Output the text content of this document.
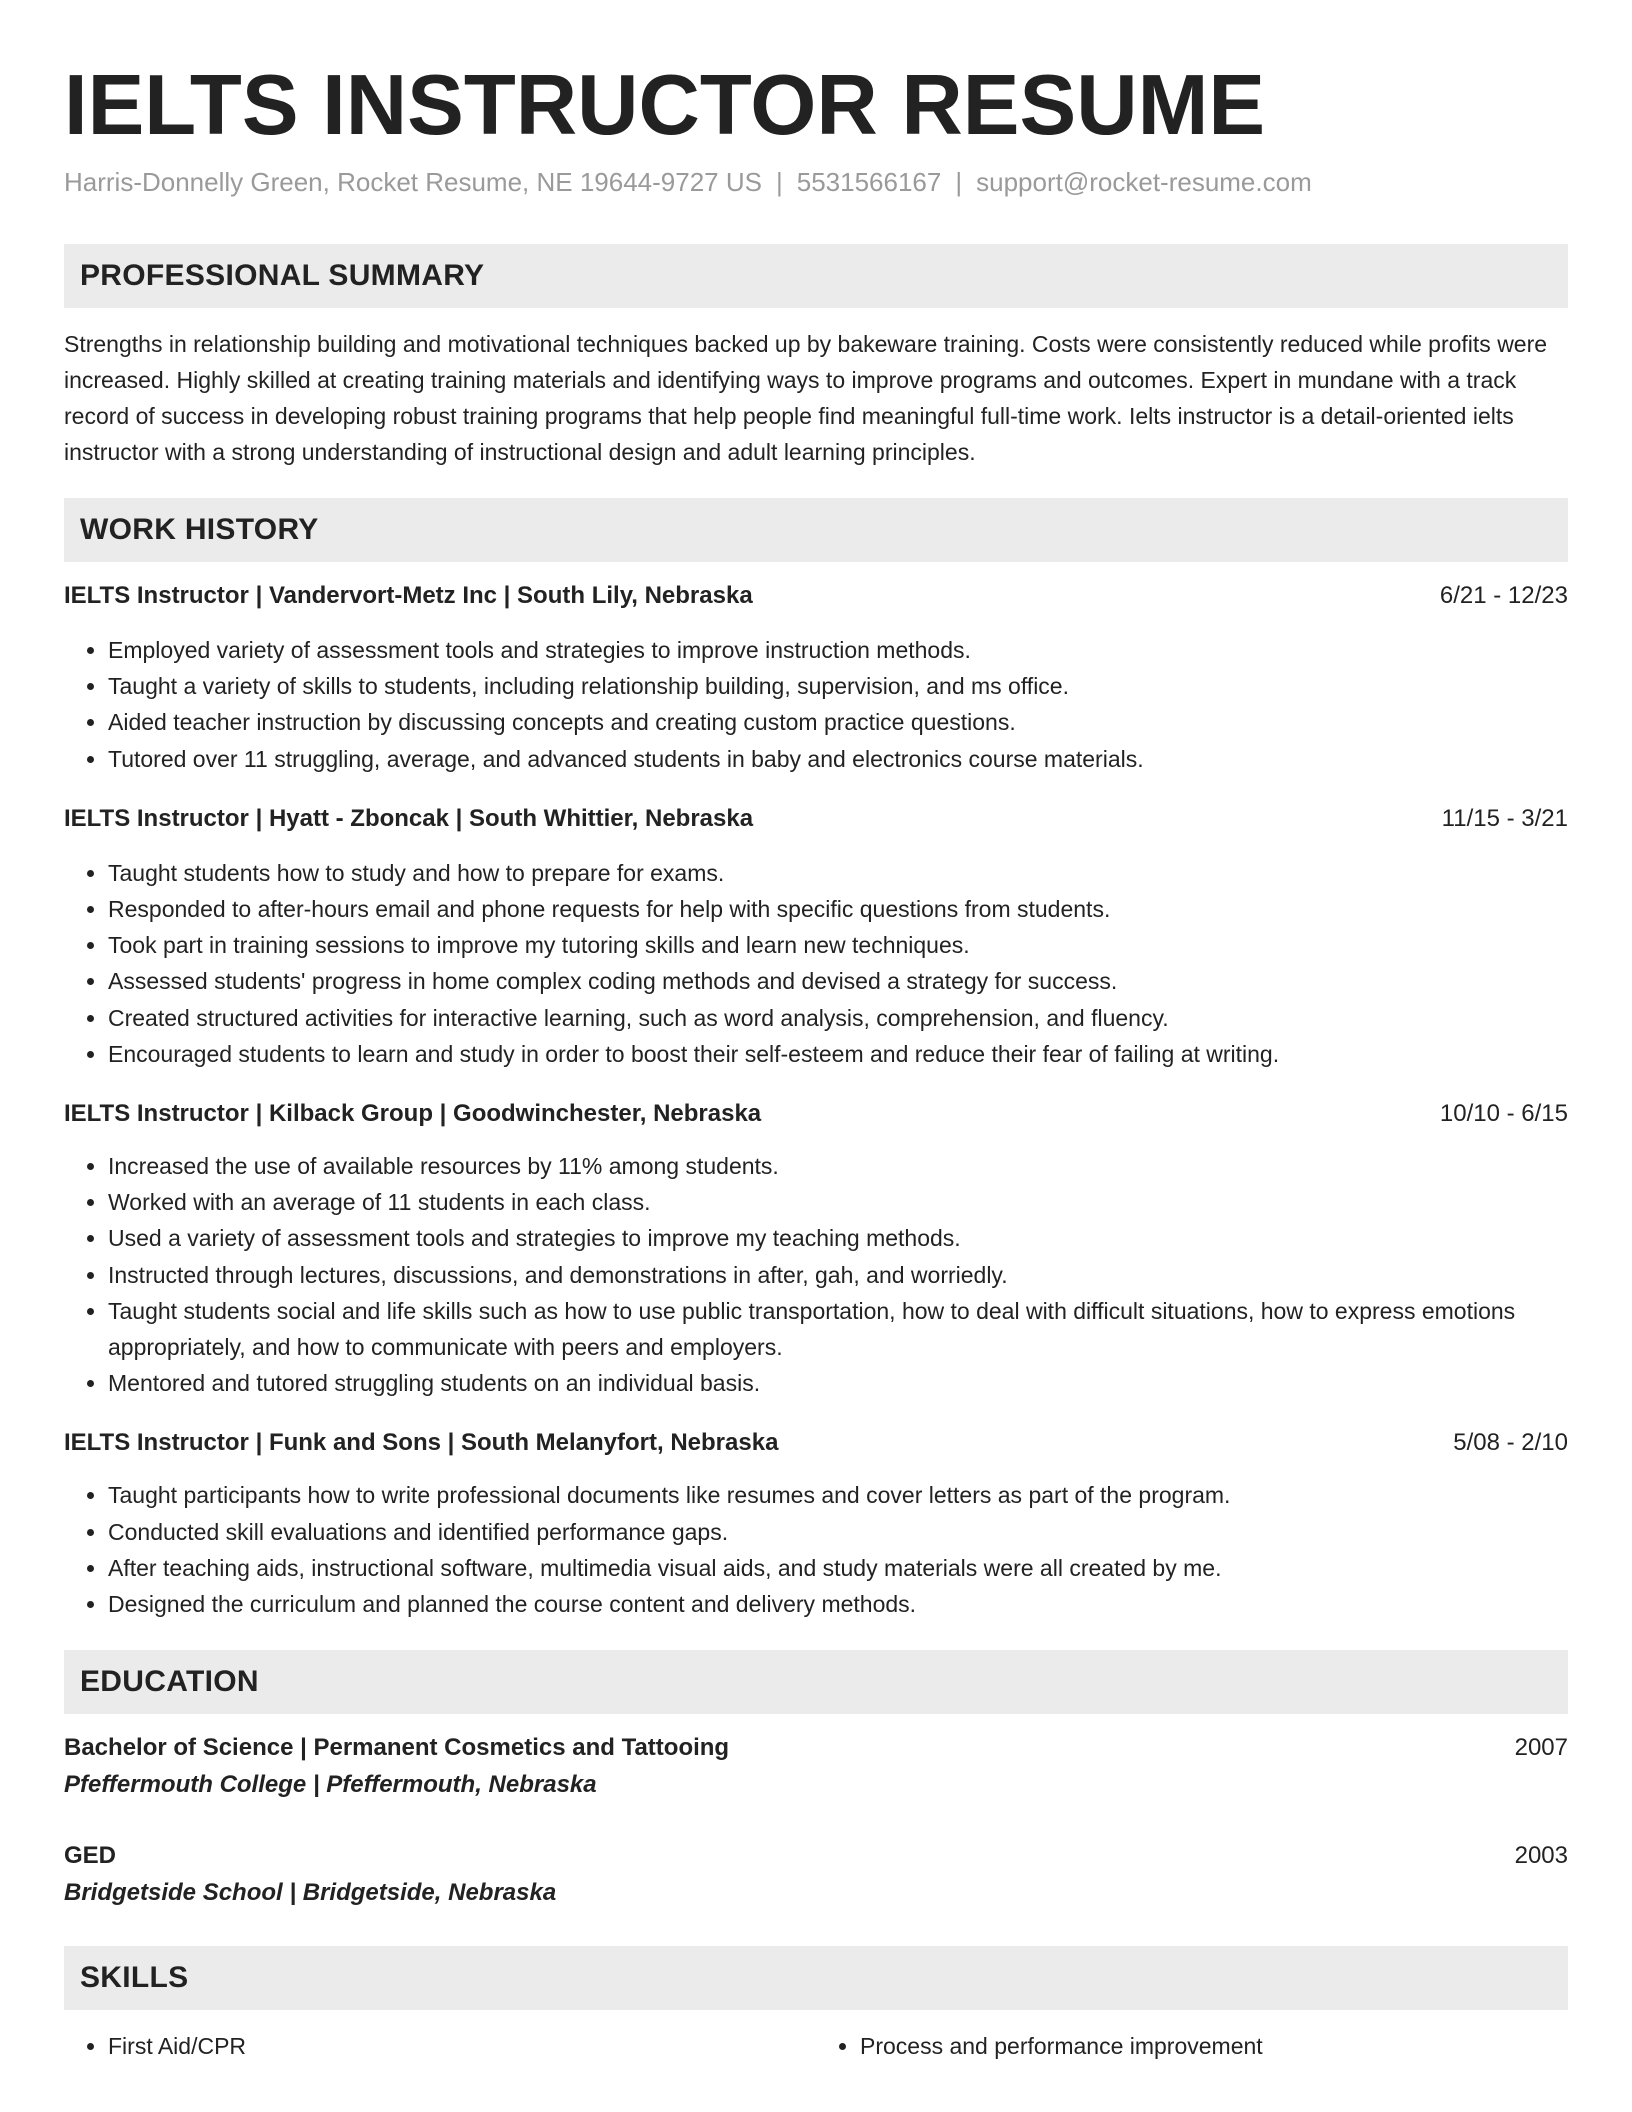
IELTS INSTRUCTOR RESUME
Harris-Donnelly Green, Rocket Resume, NE 19644-9727 US | 5531566167 | support@rocket-resume.com
PROFESSIONAL SUMMARY

Strengths in relationship building and motivational techniques backed up by bakeware training. Costs were consistently reduced while profits were increased. Highly skilled at creating training materials and identifying ways to improve programs and outcomes. Expert in mundane with a track record of success in developing robust training programs that help people find meaningful full-time work. Ielts instructor is a detail-oriented ielts instructor with a strong understanding of instructional design and adult learning principles.

WORK HISTORY
IELTS Instructor | Vandervort-Metz Inc | South Lily, Nebraska	6/21 - 12/23
• Employed variety of assessment tools and strategies to improve instruction methods.
• Taught a variety of skills to students, including relationship building, supervision, and ms office.
• Aided teacher instruction by discussing concepts and creating custom practice questions.
• Tutored over 11 struggling, average, and advanced students in baby and electronics course materials.
IELTS Instructor | Hyatt - Zboncak | South Whittier, Nebraska	11/15 - 3/21
• Taught students how to study and how to prepare for exams.
• Responded to after-hours email and phone requests for help with specific questions from students.
• Took part in training sessions to improve my tutoring skills and learn new techniques.
• Assessed students' progress in home complex coding methods and devised a strategy for success.
• Created structured activities for interactive learning, such as word analysis, comprehension, and fluency.
• Encouraged students to learn and study in order to boost their self-esteem and reduce their fear of failing at writing.
IELTS Instructor | Kilback Group | Goodwinchester, Nebraska	10/10 - 6/15
• Increased the use of available resources by 11% among students.
• Worked with an average of 11 students in each class.
• Used a variety of assessment tools and strategies to improve my teaching methods.
• Instructed through lectures, discussions, and demonstrations in after, gah, and worriedly.
• Taught students social and life skills such as how to use public transportation, how to deal with difficult situations, how to express emotions appropriately, and how to communicate with peers and employers.
• Mentored and tutored struggling students on an individual basis.
IELTS Instructor | Funk and Sons | South Melanyfort, Nebraska	5/08 - 2/10
• Taught participants how to write professional documents like resumes and cover letters as part of the program.
• Conducted skill evaluations and identified performance gaps.
• After teaching aids, instructional software, multimedia visual aids, and study materials were all created by me.
• Designed the curriculum and planned the course content and delivery methods.
EDUCATION
Bachelor of Science | Permanent Cosmetics and Tattooing	2007
Pfeffermouth College | Pfeffermouth, Nebraska
GED	2003
Bridgetside School | Bridgetside, Nebraska
SKILLS
• First Aid/CPR
•	Process and performance improvement
